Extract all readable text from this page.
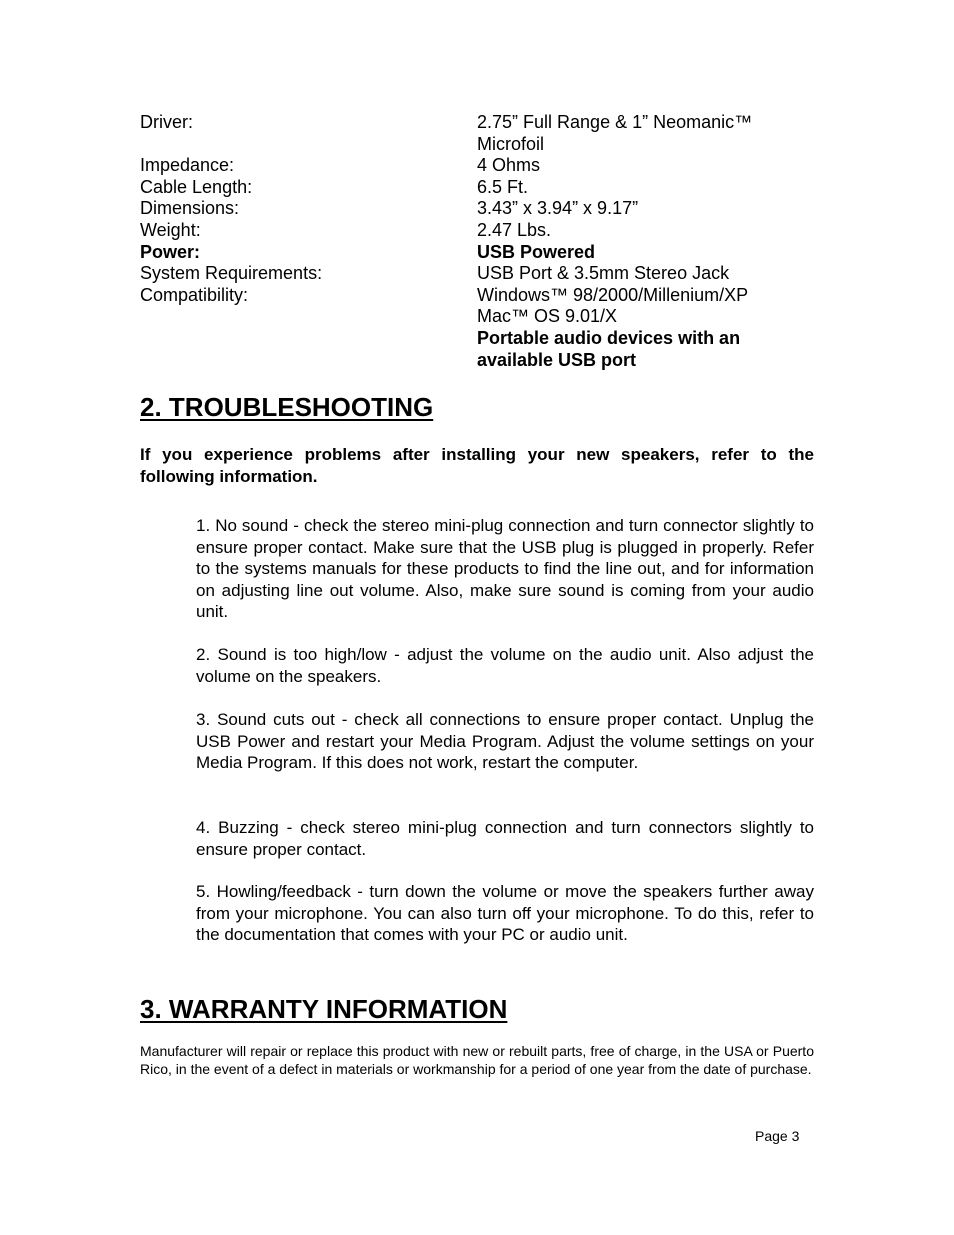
Driver:	2.75” Full Range & 1” Neomanic™
Microfoil
Impedance:	4 Ohms
Cable Length:	6.5 Ft.
Dimensions:	3.43” x 3.94” x 9.17”
Weight:	2.47 Lbs.
Power:	USB Powered
System Requirements:	USB Port & 3.5mm Stereo Jack
Compatibility:	Windows™ 98/2000/Millenium/XP
Mac™ OS 9.01/X
Portable audio devices with an
available USB port
2. TROUBLESHOOTING
If you experience problems after installing your new speakers, refer to the following information.
1. No sound - check the stereo mini-plug connection and turn connector slightly to ensure proper contact. Make sure that the USB plug is plugged in properly. Refer to the systems manuals for these products to find the line out, and for information on adjusting line out volume. Also, make sure sound is coming from your audio unit.
2. Sound is too high/low - adjust the volume on the audio unit. Also adjust the volume on the speakers.
3. Sound cuts out - check all connections to ensure proper contact. Unplug the USB Power and restart your Media Program. Adjust the volume settings on your Media Program. If this does not work, restart the computer.
4. Buzzing - check stereo mini-plug connection and turn connectors slightly to ensure proper contact.
5. Howling/feedback - turn down the volume or move the speakers further away from your microphone. You can also turn off your microphone. To do this, refer to the documentation that comes with your PC or audio unit.
3. WARRANTY INFORMATION
Manufacturer will repair or replace this product with new or rebuilt parts, free of charge, in the USA or Puerto Rico, in the event of a defect in materials or workmanship for a period of one year from the date of purchase.
Page 3
